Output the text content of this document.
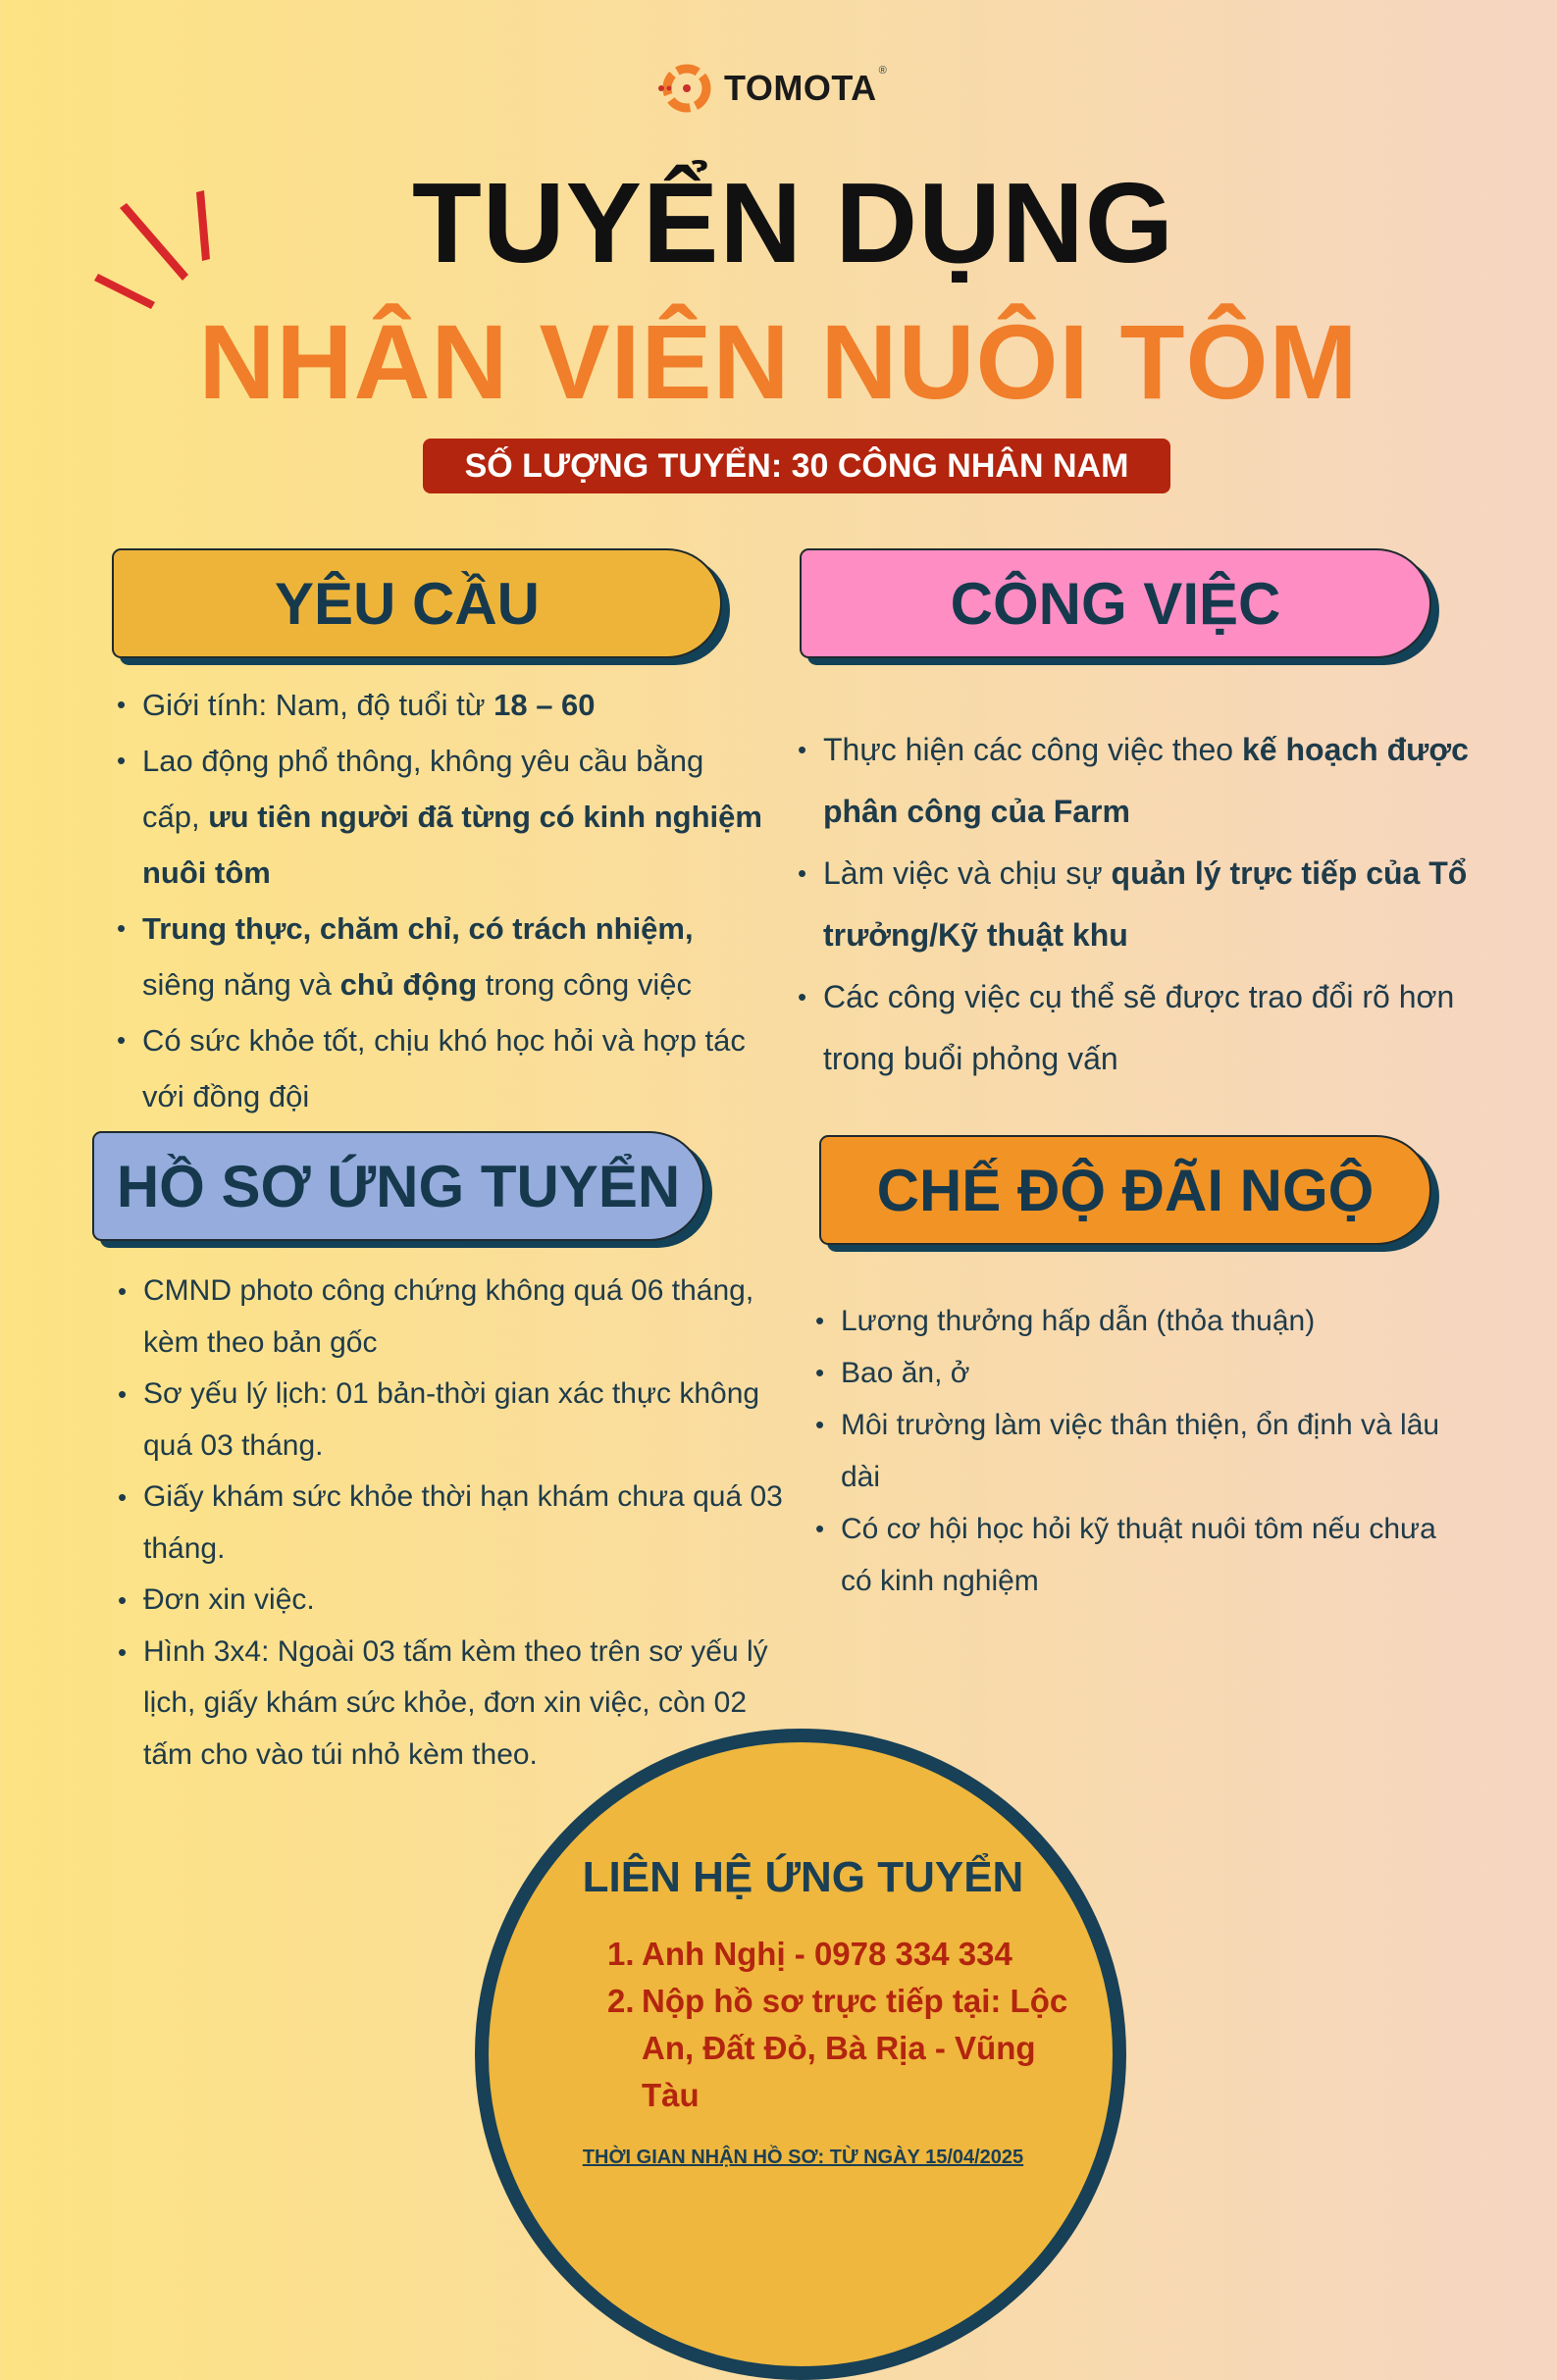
TOMOTA ®
TUYỂN DỤNG
NHÂN VIÊN NUÔI TÔM
SỐ LƯỢNG TUYỂN: 30 CÔNG NHÂN NAM
YÊU CẦU	CÔNG VIỆC
HỒ SƠ ỨNG TUYỂN	CHẾ ĐỘ ĐÃI NGỘ
• Giới tính: Nam, độ tuổi từ 18 – 60
• Lao động phổ thông, không yêu cầu bằng cấp, ưu tiên người đã từng có kinh nghiệm nuôi tôm
• Trung thực, chăm chỉ, có trách nhiệm, siêng năng và chủ động trong công việc
• Có sức khỏe tốt, chịu khó học hỏi và hợp tác với đồng đội
• Thực hiện các công việc theo kế hoạch được phân công của Farm
• Làm việc và chịu sự quản lý trực tiếp của Tổ trưởng/Kỹ thuật khu
• Các công việc cụ thể sẽ được trao đổi rõ hơn trong buổi phỏng vấn
• CMND photo công chứng không quá 06 tháng, kèm theo bản gốc
• Sơ yếu lý lịch: 01 bản-thời gian xác thực không quá 03 tháng.
• Giấy khám sức khỏe thời hạn khám chưa quá 03 tháng.
• Đơn xin việc.
• Hình 3x4: Ngoài 03 tấm kèm theo trên sơ yếu lý lịch, giấy khám sức khỏe, đơn xin việc, còn 02 tấm cho vào túi nhỏ kèm theo.
• Lương thưởng hấp dẫn (thỏa thuận)
• Bao ăn, ở
• Môi trường làm việc thân thiện, ổn định và lâu dài
• Có cơ hội học hỏi kỹ thuật nuôi tôm nếu chưa có kinh nghiệm
LIÊN HỆ ỨNG TUYỂN
1. Anh Nghị - 0978 334 334
2. Nộp hồ sơ trực tiếp tại: Lộc An, Đất Đỏ, Bà Rịa - Vũng Tàu
THỜI GIAN NHẬN HỒ SƠ: TỪ NGÀY 15/04/2025
